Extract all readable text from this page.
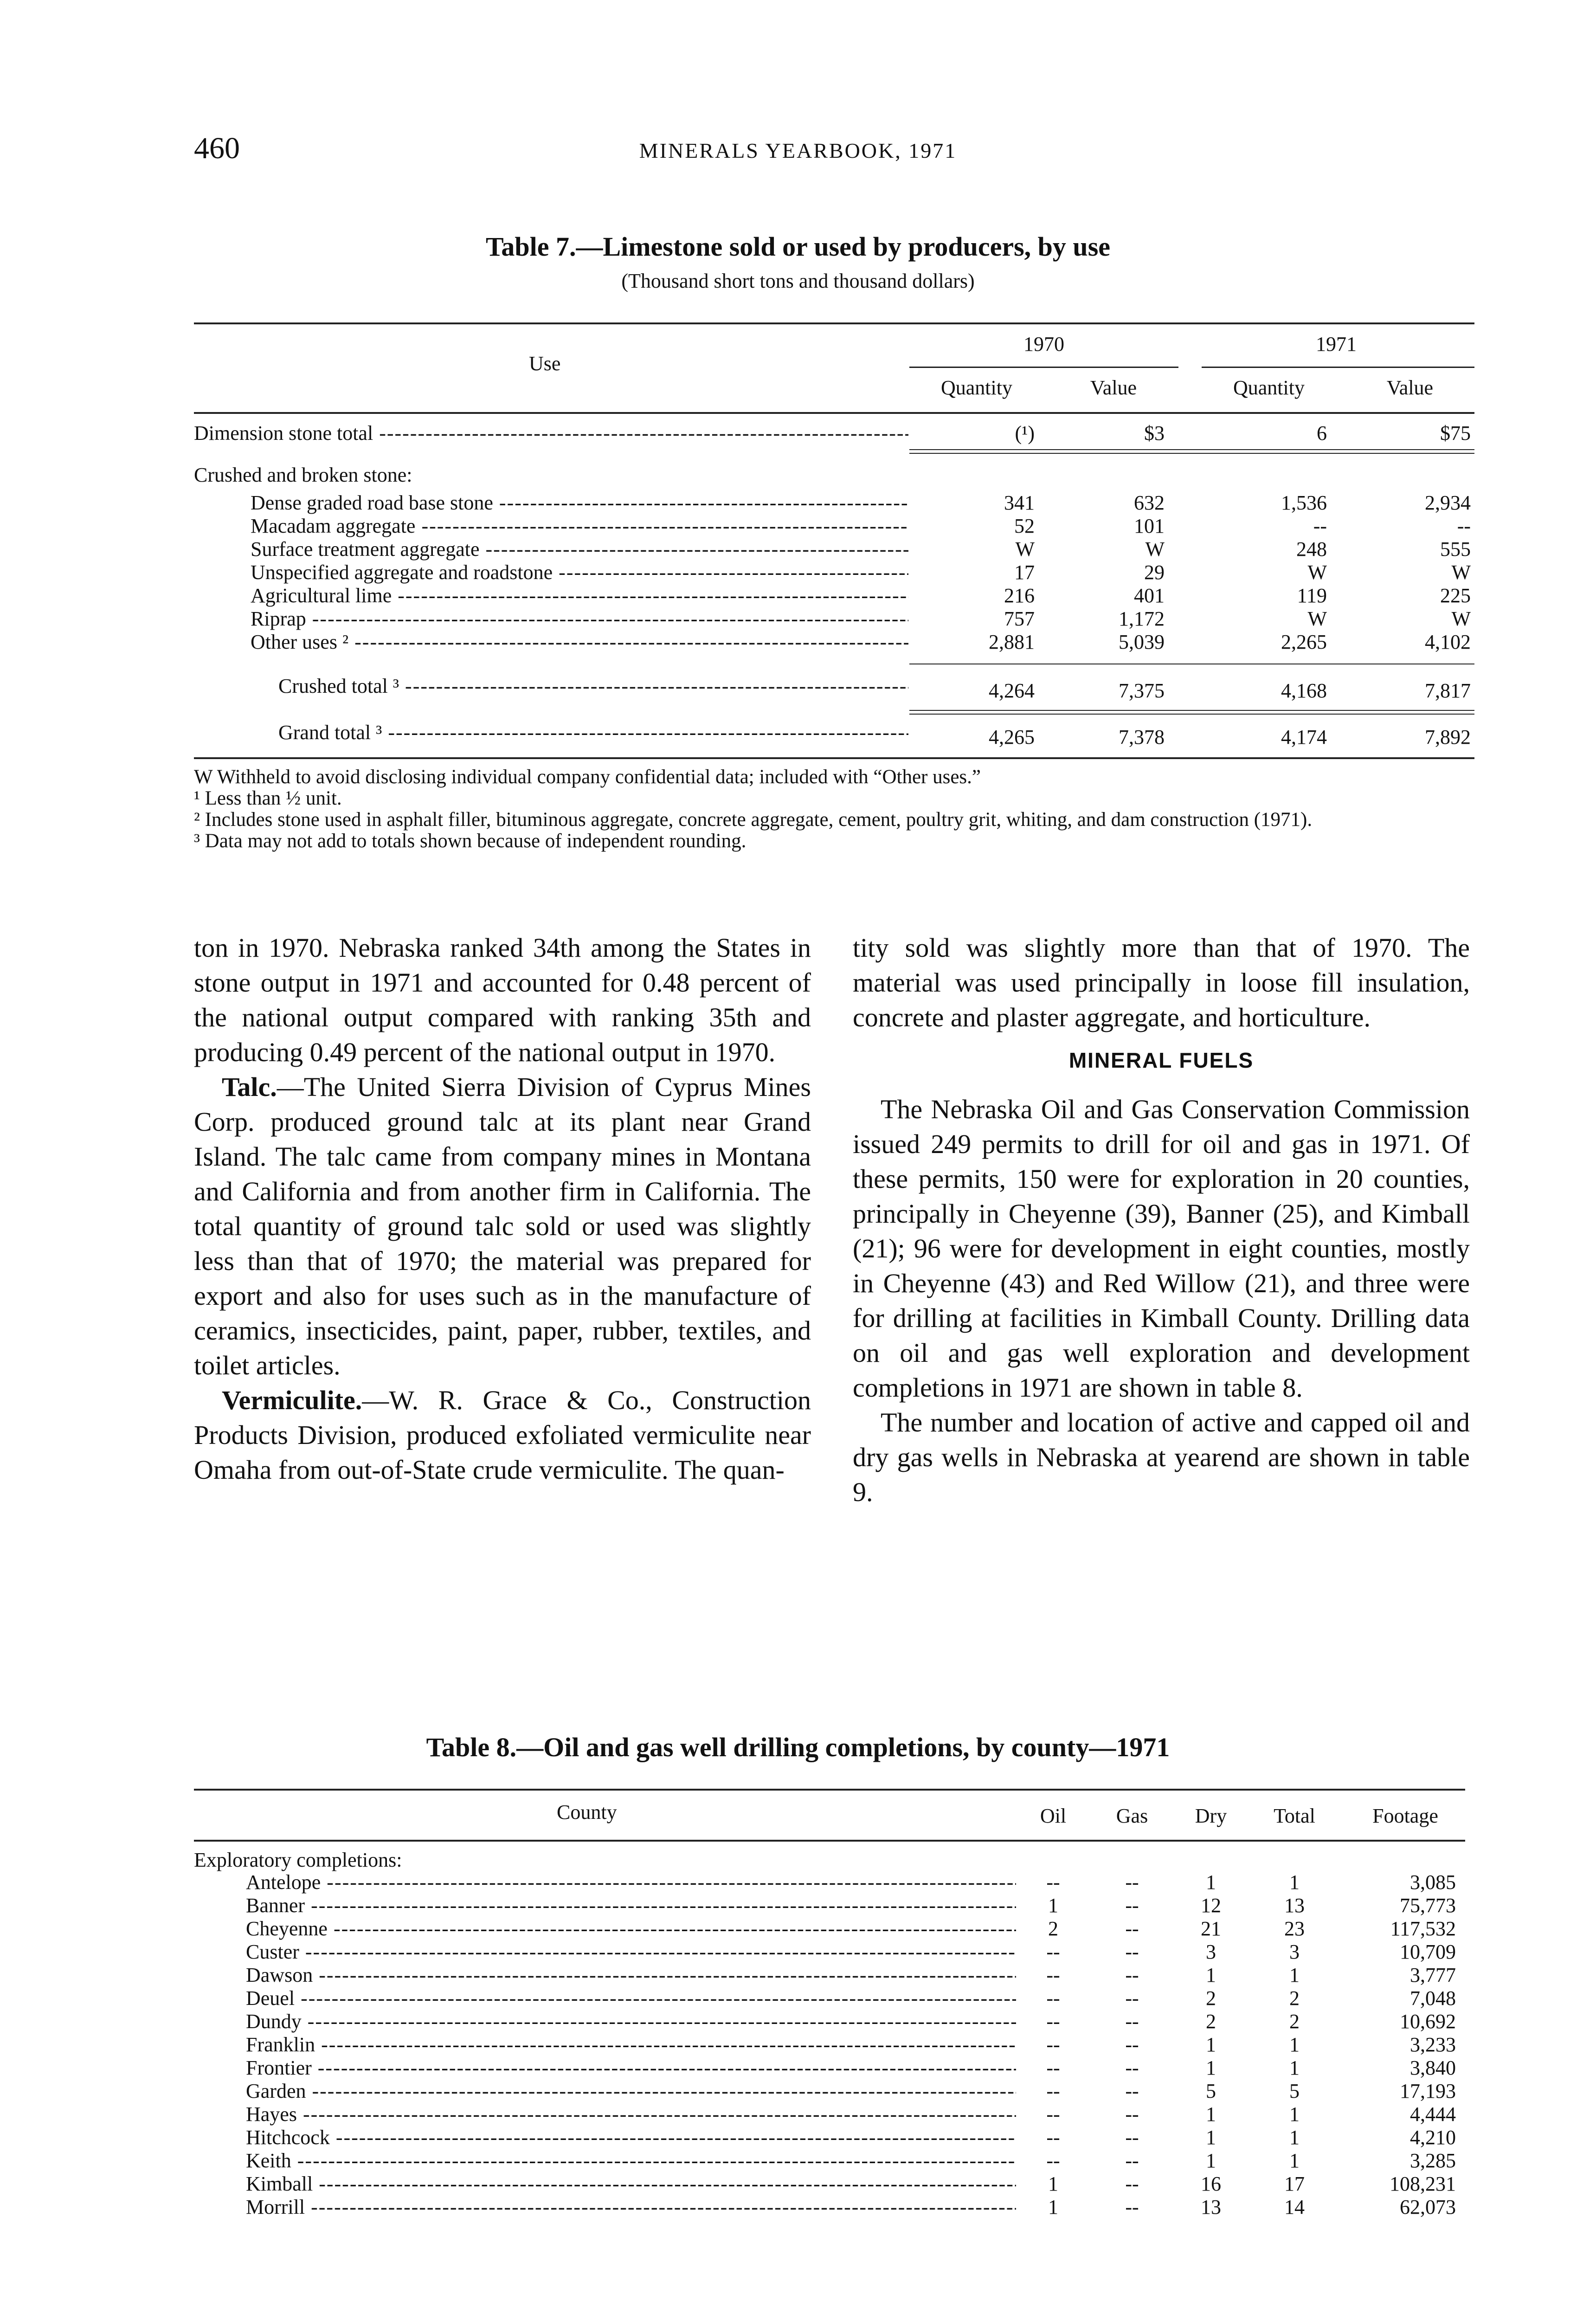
460	MINERALS YEARBOOK, 1971
Table 7.—Limestone sold or used by producers, by use
(Thousand short tons and thousand dollars)
Use
1970	1971
Quantity	Value	Quantity	Value
Dimension stone total -----	(¹)	$3	6	$75
Crushed and broken stone:
Dense graded road base stone -----	341	632	1,536	2,934
Macadam aggregate -----	52	101	--	--
Surface treatment aggregate -----	W	W	248	555
Unspecified aggregate and roadstone -----	17	29	W	W
Agricultural lime -----	216	401	119	225
Riprap -----	757	1,172	W	W
Other uses ² -----	2,881	5,039	2,265	4,102
Crushed total ³ -----	4,264	7,375	4,168	7,817
Grand total ³ -----	4,265	7,378	4,174	7,892

W Withheld to avoid disclosing individual company confidential data; included with “Other uses.”

¹ Less than ½ unit.

² Includes stone used in asphalt filler, bituminous aggregate, concrete aggregate, cement, poultry grit, whiting, and dam construction (1971).

³ Data may not add to totals shown because of independent rounding.

ton in 1970. Nebraska ranked 34th among the States in stone output in 1971 and accounted for 0.48 percent of the national output compared with ranking 35th and producing 0.49 percent of the national output in 1970.

Talc.—The United Sierra Division of Cyprus Mines Corp. produced ground talc at its plant near Grand Island. The talc came from company mines in Montana and California and from another firm in California. The total quantity of ground talc sold or used was slightly less than that of 1970; the material was prepared for export and also for uses such as in the manufacture of ceramics, insecticides, paint, paper, rubber, textiles, and toilet articles.

Vermiculite.—W. R. Grace & Co., Construction Products Division, produced exfoliated vermiculite near Omaha from out-of-State crude vermiculite. The quan-

tity sold was slightly more than that of 1970. The material was used principally in loose fill insulation, concrete and plaster aggregate, and horticulture.

MINERAL FUELS

The Nebraska Oil and Gas Conservation Commission issued 249 permits to drill for oil and gas in 1971. Of these permits, 150 were for exploration in 20 counties, principally in Cheyenne (39), Banner (25), and Kimball (21); 96 were for development in eight counties, mostly in Cheyenne (43) and Red Willow (21), and three were for drilling at facilities in Kimball County. Drilling data on oil and gas well exploration and development completions in 1971 are shown in table 8.

The number and location of active and capped oil and dry gas wells in Nebraska at yearend are shown in table 9.

Table 8.—Oil and gas well drilling completions, by county—1971
County	Oil	Gas	Dry	Total	Footage
Exploratory completions:
Antelope -----	--	--	1	1	3,085
Banner -----	1	--	12	13	75,773
Cheyenne -----	2	--	21	23	117,532
Custer -----	--	--	3	3	10,709
Dawson -----	--	--	1	1	3,777
Deuel -----	--	--	2	2	7,048
Dundy -----	--	--	2	2	10,692
Franklin -----	--	--	1	1	3,233
Frontier -----	--	--	1	1	3,840
Garden -----	--	--	5	5	17,193
Hayes -----	--	--	1	1	4,444
Hitchcock -----	--	--	1	1	4,210
Keith -----	--	--	1	1	3,285
Kimball -----	1	--	16	17	108,231
Morrill -----	1	--	13	14	62,073
